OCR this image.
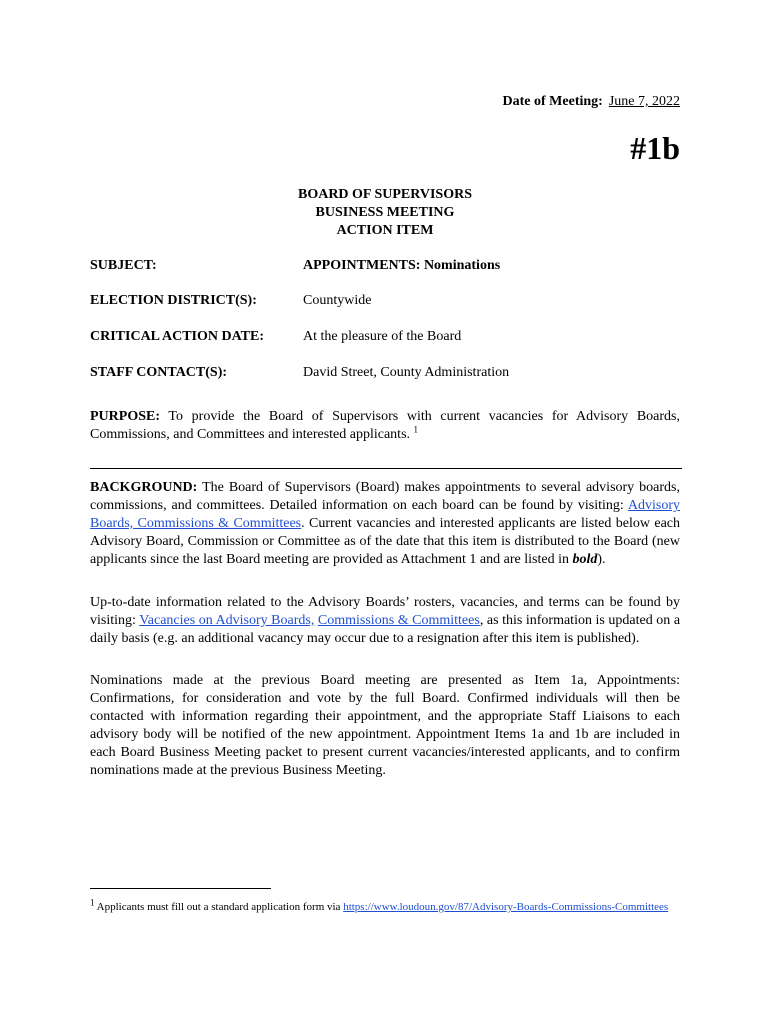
Date of Meeting: June 7, 2022
#1b
BOARD OF SUPERVISORS
BUSINESS MEETING
ACTION ITEM
SUBJECT:	APPOINTMENTS: Nominations
ELECTION DISTRICT(S):	Countywide
CRITICAL ACTION DATE:	At the pleasure of the Board
STAFF CONTACT(S):	David Street, County Administration
PURPOSE: To provide the Board of Supervisors with current vacancies for Advisory Boards, Commissions, and Committees and interested applicants. $^1$
BACKGROUND: The Board of Supervisors (Board) makes appointments to several advisory boards, commissions, and committees. Detailed information on each board can be found by visiting: Advisory Boards, Commissions & Committees. Current vacancies and interested applicants are listed below each Advisory Board, Commission or Committee as of the date that this item is distributed to the Board (new applicants since the last Board meeting are provided as Attachment 1 and are listed in bold).
Up-to-date information related to the Advisory Boards’ rosters, vacancies, and terms can be found by visiting: Vacancies on Advisory Boards, Commissions & Committees, as this information is updated on a daily basis (e.g. an additional vacancy may occur due to a resignation after this item is published).
Nominations made at the previous Board meeting are presented as Item 1a, Appointments: Confirmations, for consideration and vote by the full Board. Confirmed individuals will then be contacted with information regarding their appointment, and the appropriate Staff Liaisons to each advisory body will be notified of the new appointment. Appointment Items 1a and 1b are included in each Board Business Meeting packet to present current vacancies/interested applicants, and to confirm nominations made at the previous Business Meeting.
$^1$ Applicants must fill out a standard application form via https://www.loudoun.gov/87/Advisory-Boards-Commissions-Committees
